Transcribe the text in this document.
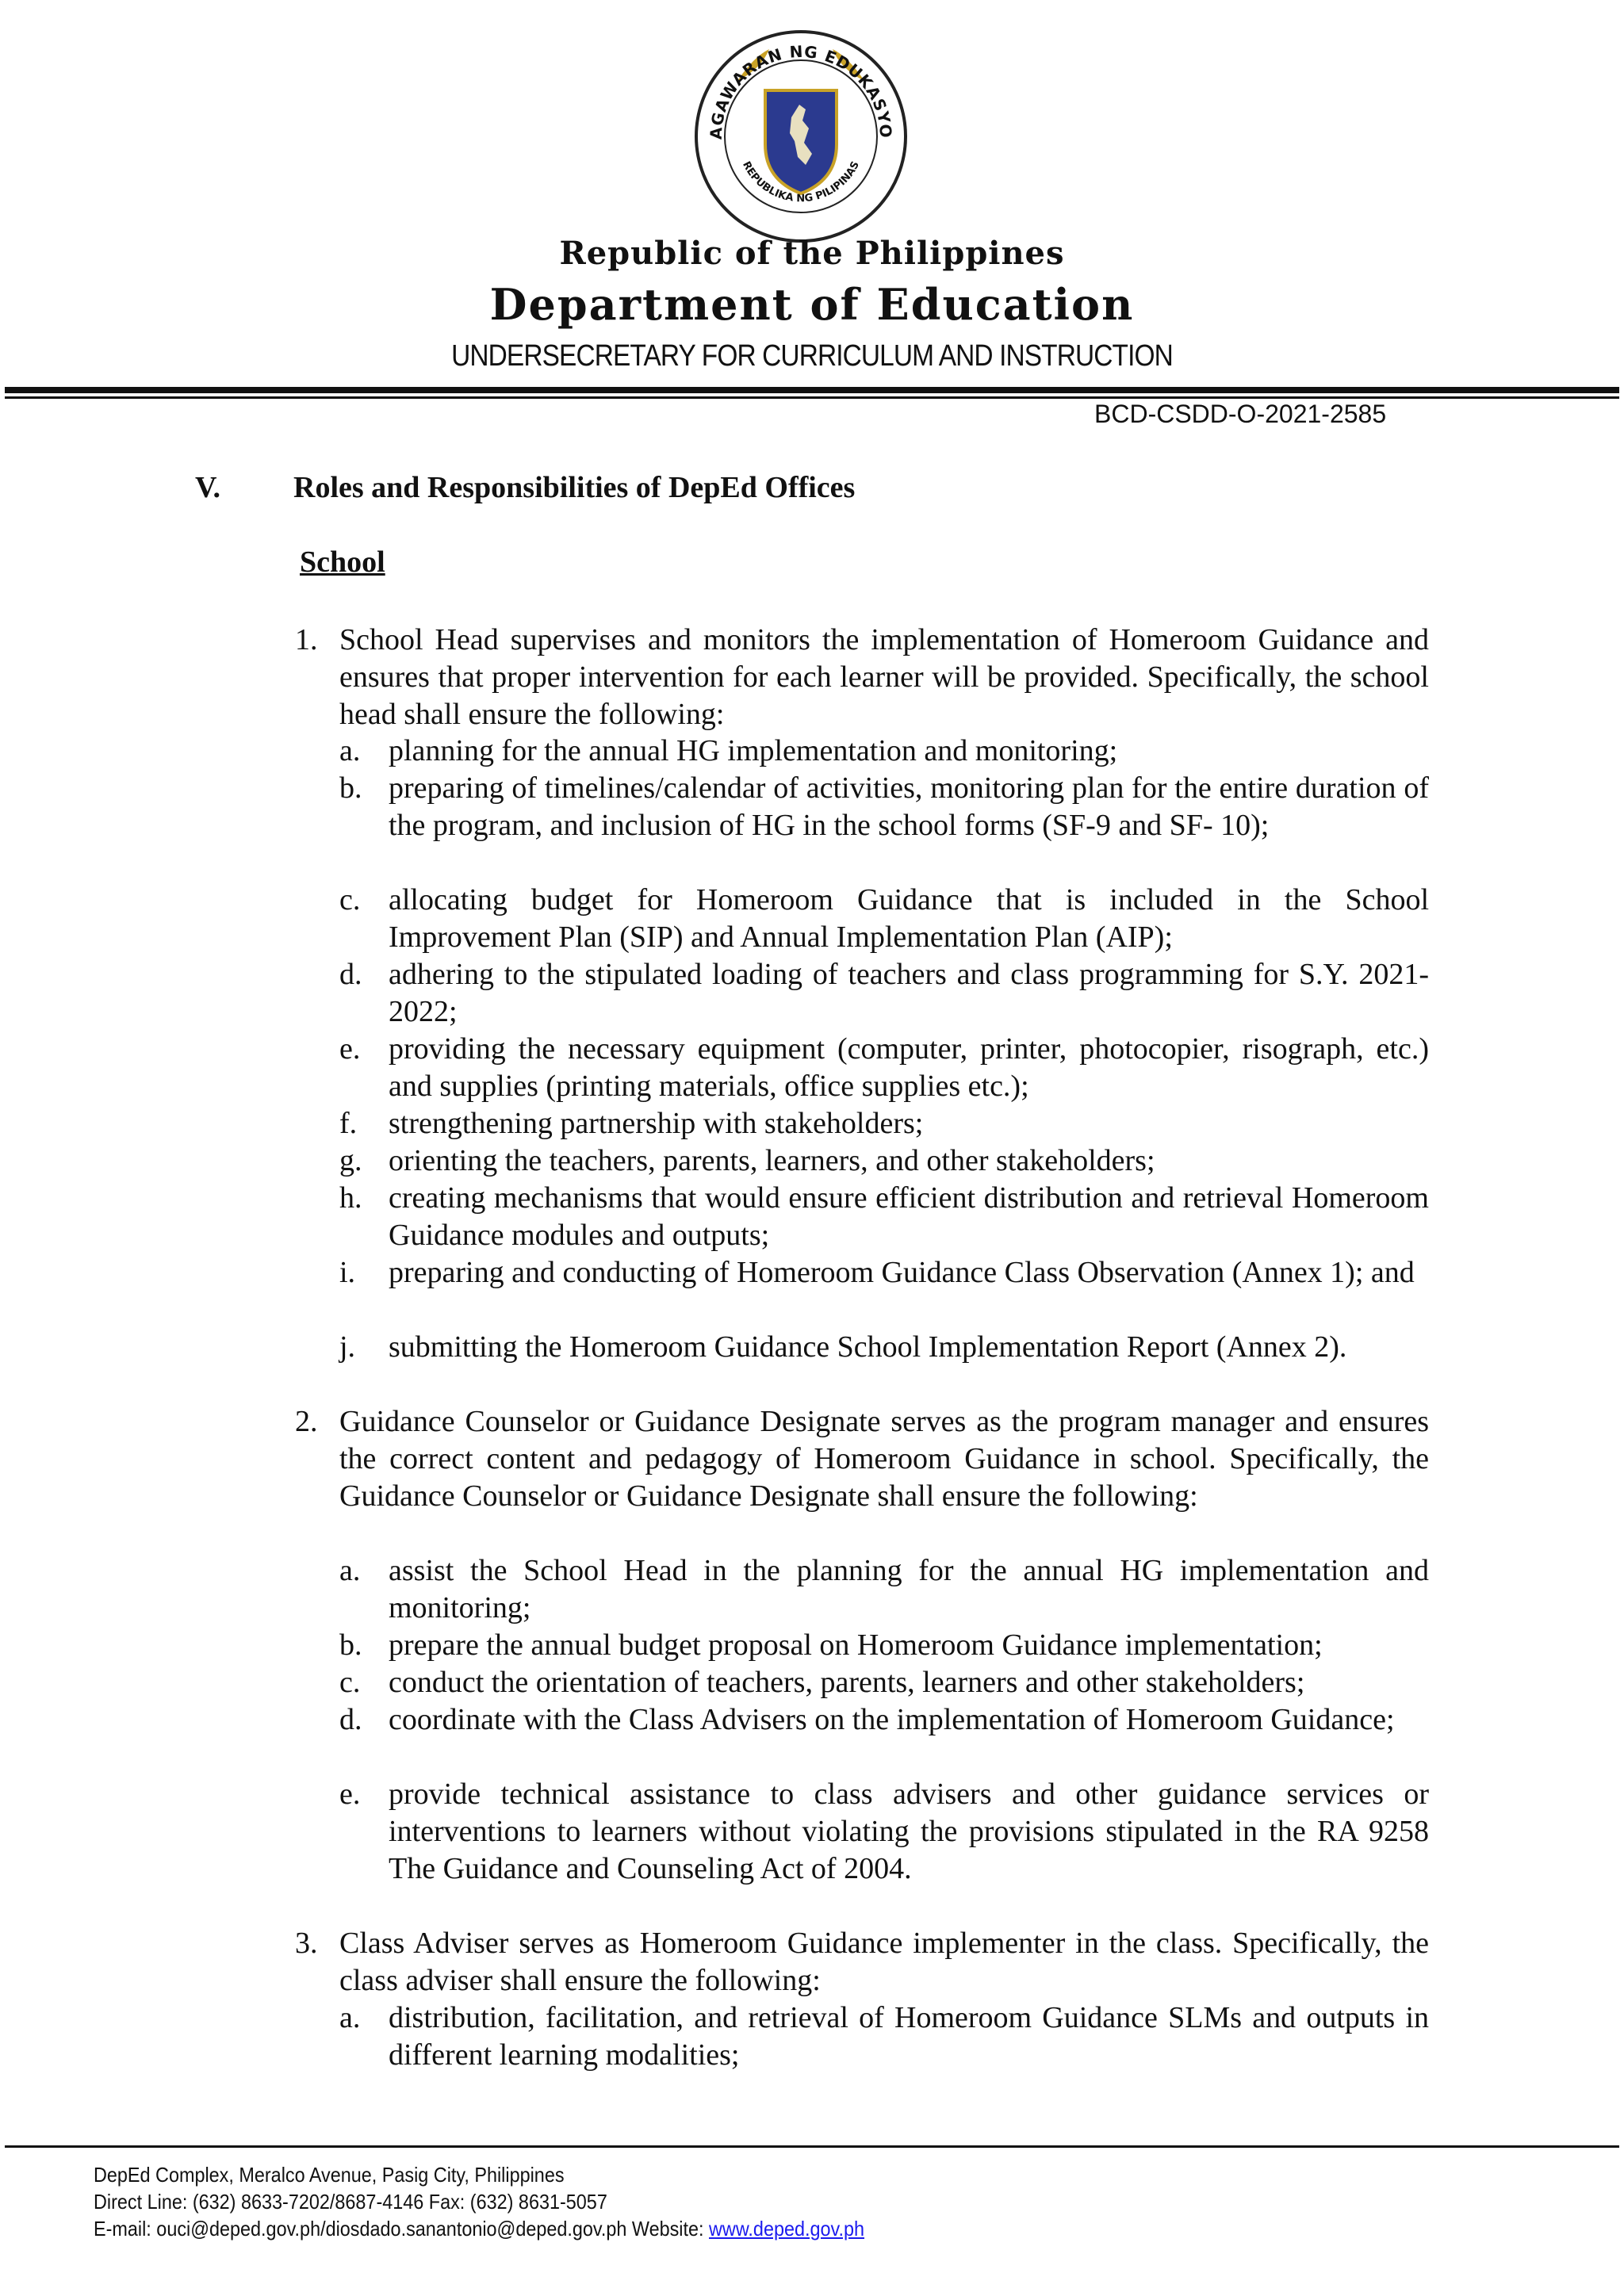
AGAWARAN NG EDUKASYO
REPUBLIKA NG PILIPINAS
Republic of the Philippines
Department of Education
UNDERSECRETARY FOR CURRICULUM AND INSTRUCTION
BCD-CSDD-O-2021-2585
V. Roles and Responsibilities of DepEd Offices
School
1. School Head supervises and monitors the implementation of Homeroom Guidance and ensures that proper intervention for each learner will be provided. Specifically, the school head shall ensure the following:
a. planning for the annual HG implementation and monitoring;
b. preparing of timelines/calendar of activities, monitoring plan for the entire duration of the program, and inclusion of HG in the school forms (SF-9 and SF- 10);
c. allocating budget for Homeroom Guidance that is included in the School Improvement Plan (SIP) and Annual Implementation Plan (AIP);
d. adhering to the stipulated loading of teachers and class programming for S.Y. 2021-2022;
e. providing the necessary equipment (computer, printer, photocopier, risograph, etc.) and supplies (printing materials, office supplies etc.);
f. strengthening partnership with stakeholders;
g. orienting the teachers, parents, learners, and other stakeholders;
h. creating mechanisms that would ensure efficient distribution and retrieval Homeroom Guidance modules and outputs;
i. preparing and conducting of Homeroom Guidance Class Observation (Annex 1); and
j. submitting the Homeroom Guidance School Implementation Report (Annex 2).
2. Guidance Counselor or Guidance Designate serves as the program manager and ensures the correct content and pedagogy of Homeroom Guidance in school. Specifically, the Guidance Counselor or Guidance Designate shall ensure the following:
a. assist the School Head in the planning for the annual HG implementation and monitoring;
b. prepare the annual budget proposal on Homeroom Guidance implementation;
c. conduct the orientation of teachers, parents, learners and other stakeholders;
d. coordinate with the Class Advisers on the implementation of Homeroom Guidance;
e. provide technical assistance to class advisers and other guidance services or interventions to learners without violating the provisions stipulated in the RA 9258 The Guidance and Counseling Act of 2004.
3. Class Adviser serves as Homeroom Guidance implementer in the class. Specifically, the class adviser shall ensure the following:
a. distribution, facilitation, and retrieval of Homeroom Guidance SLMs and outputs in different learning modalities;
DepEd Complex, Meralco Avenue, Pasig City, Philippines
Direct Line: (632) 8633-7202/8687-4146 Fax: (632) 8631-5057
E-mail: ouci@deped.gov.ph/diosdado.sanantonio@deped.gov.ph Website: www.deped.gov.ph
